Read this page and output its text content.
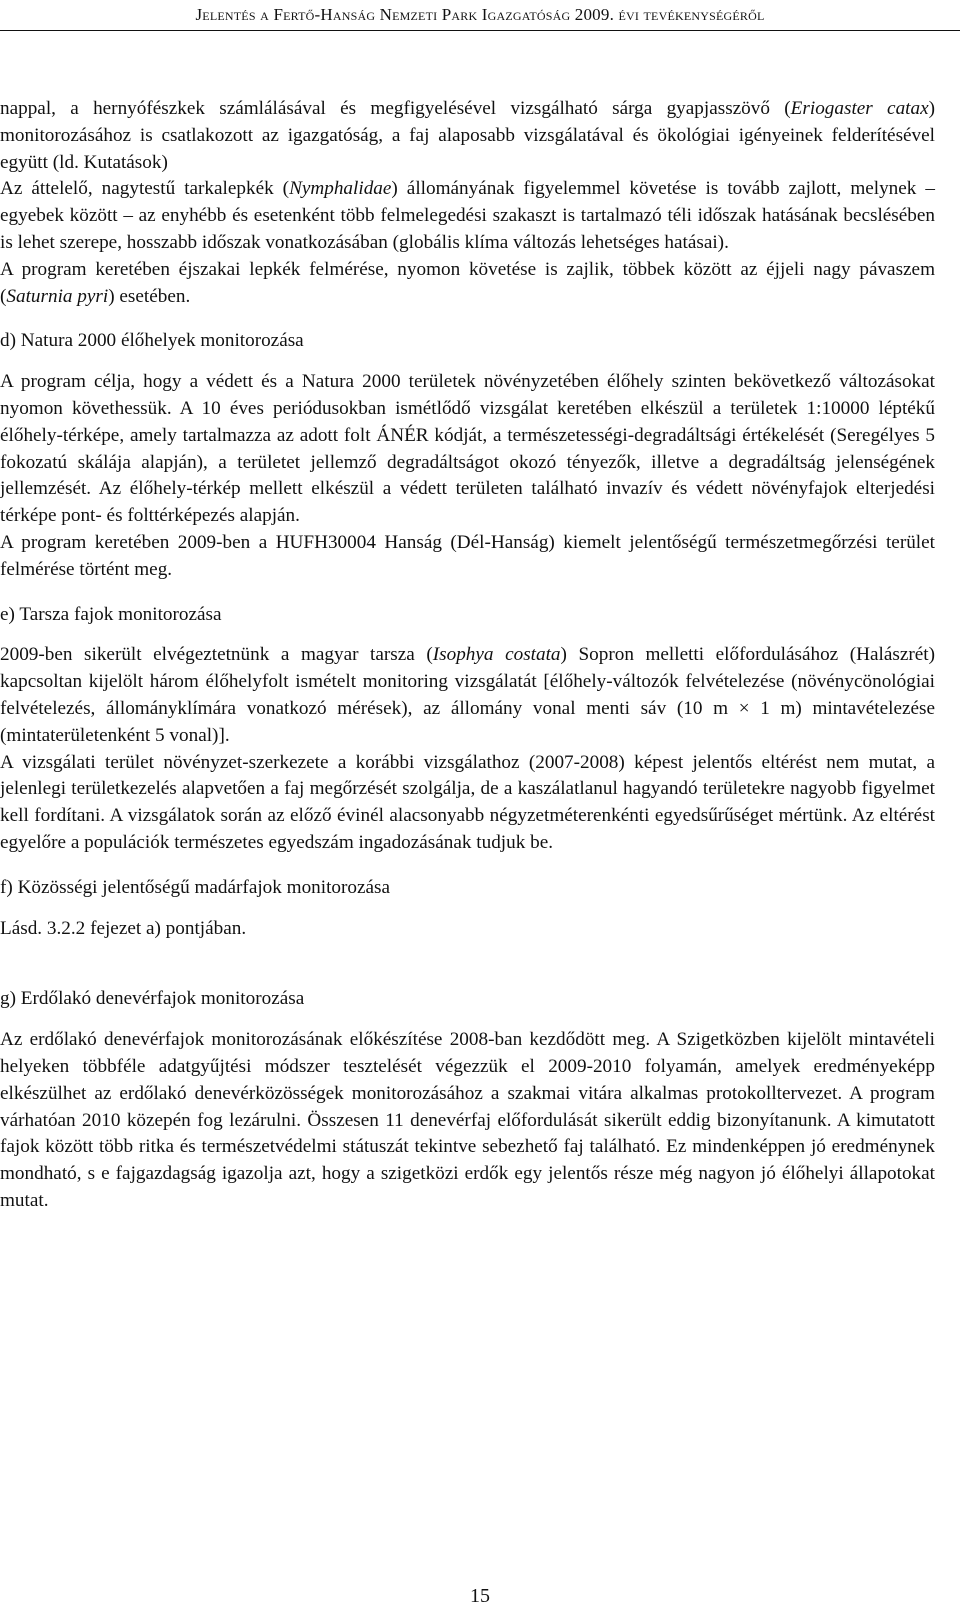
Jelentés a Fertő-Hanság Nemzeti Park Igazgatóság 2009. évi tevékenységéről

nappal, a hernyófészkek számlálásával és megfigyelésével vizsgálható sárga gyapjasszövő (Eriogaster catax) monitorozásához is csatlakozott az igazgatóság, a faj alaposabb vizsgálatával és ökológiai igényeinek felderítésével együtt (ld. Kutatások)

Az áttelelő, nagytestű tarkalepkék (Nymphalidae) állományának figyelemmel követése is tovább zajlott, melynek – egyebek között – az enyhébb és esetenként több felmelegedési szakaszt is tartalmazó téli időszak hatásának becslésében is lehet szerepe, hosszabb időszak vonatkozásában (globális klíma változás lehetséges hatásai).

A program keretében éjszakai lepkék felmérése, nyomon követése is zajlik, többek között az éjjeli nagy pávaszem (Saturnia pyri) esetében.

d) Natura 2000 élőhelyek monitorozása

A program célja, hogy a védett és a Natura 2000 területek növényzetében élőhely szinten bekövetkező változásokat nyomon követhessük. A 10 éves periódusokban ismétlődő vizsgálat keretében elkészül a területek 1:10000 léptékű élőhely-térképe, amely tartalmazza az adott folt ÁNÉR kódját, a természetességi-degradáltsági értékelését (Seregélyes 5 fokozatú skálája alapján), a területet jellemző degradáltságot okozó tényezők, illetve a degradáltság jelenségének jellemzését. Az élőhely-térkép mellett elkészül a védett területen található invazív és védett növényfajok elterjedési térképe pont- és folttérképezés alapján.

A program keretében 2009-ben a HUFH30004 Hanság (Dél-Hanság) kiemelt jelentőségű természetmegőrzési terület felmérése történt meg.

e) Tarsza fajok monitorozása

2009-ben sikerült elvégeztetnünk a magyar tarsza (Isophya costata) Sopron melletti előfordulásához (Halászrét) kapcsoltan kijelölt három élőhelyfolt ismételt monitoring vizsgálatát [élőhely-változók felvételezése (növénycönológiai felvételezés, állományklímára vonatkozó mérések), az állomány vonal menti sáv (10 m × 1 m) mintavételezése (mintaterületenként 5 vonal)].

A vizsgálati terület növényzet-szerkezete a korábbi vizsgálathoz (2007-2008) képest jelentős eltérést nem mutat, a jelenlegi területkezelés alapvetően a faj megőrzését szolgálja, de a kaszálatlanul hagyandó területekre nagyobb figyelmet kell fordítani. A vizsgálatok során az előző évinél alacsonyabb négyzetméterenkénti egyedsűrűséget mértünk. Az eltérést egyelőre a populációk természetes egyedszám ingadozásának tudjuk be.

f) Közösségi jelentőségű madárfajok monitorozása

Lásd. 3.2.2 fejezet a) pontjában.

g) Erdőlakó denevérfajok monitorozása

Az erdőlakó denevérfajok monitorozásának előkészítése 2008-ban kezdődött meg. A Szigetközben kijelölt mintavételi helyeken többféle adatgyűjtési módszer tesztelését végezzük el 2009-2010 folyamán, amelyek eredményeképp elkészülhet az erdőlakó denevérközösségek monitorozásához a szakmai vitára alkalmas protokolltervezet. A program várhatóan 2010 közepén fog lezárulni. Összesen 11 denevérfaj előfordulását sikerült eddig bizonyítanunk. A kimutatott fajok között több ritka és természetvédelmi státuszát tekintve sebezhető faj található. Ez mindenképpen jó eredménynek mondható, s e fajgazdagság igazolja azt, hogy a szigetközi erdők egy jelentős része még nagyon jó élőhelyi állapotokat mutat.

15
